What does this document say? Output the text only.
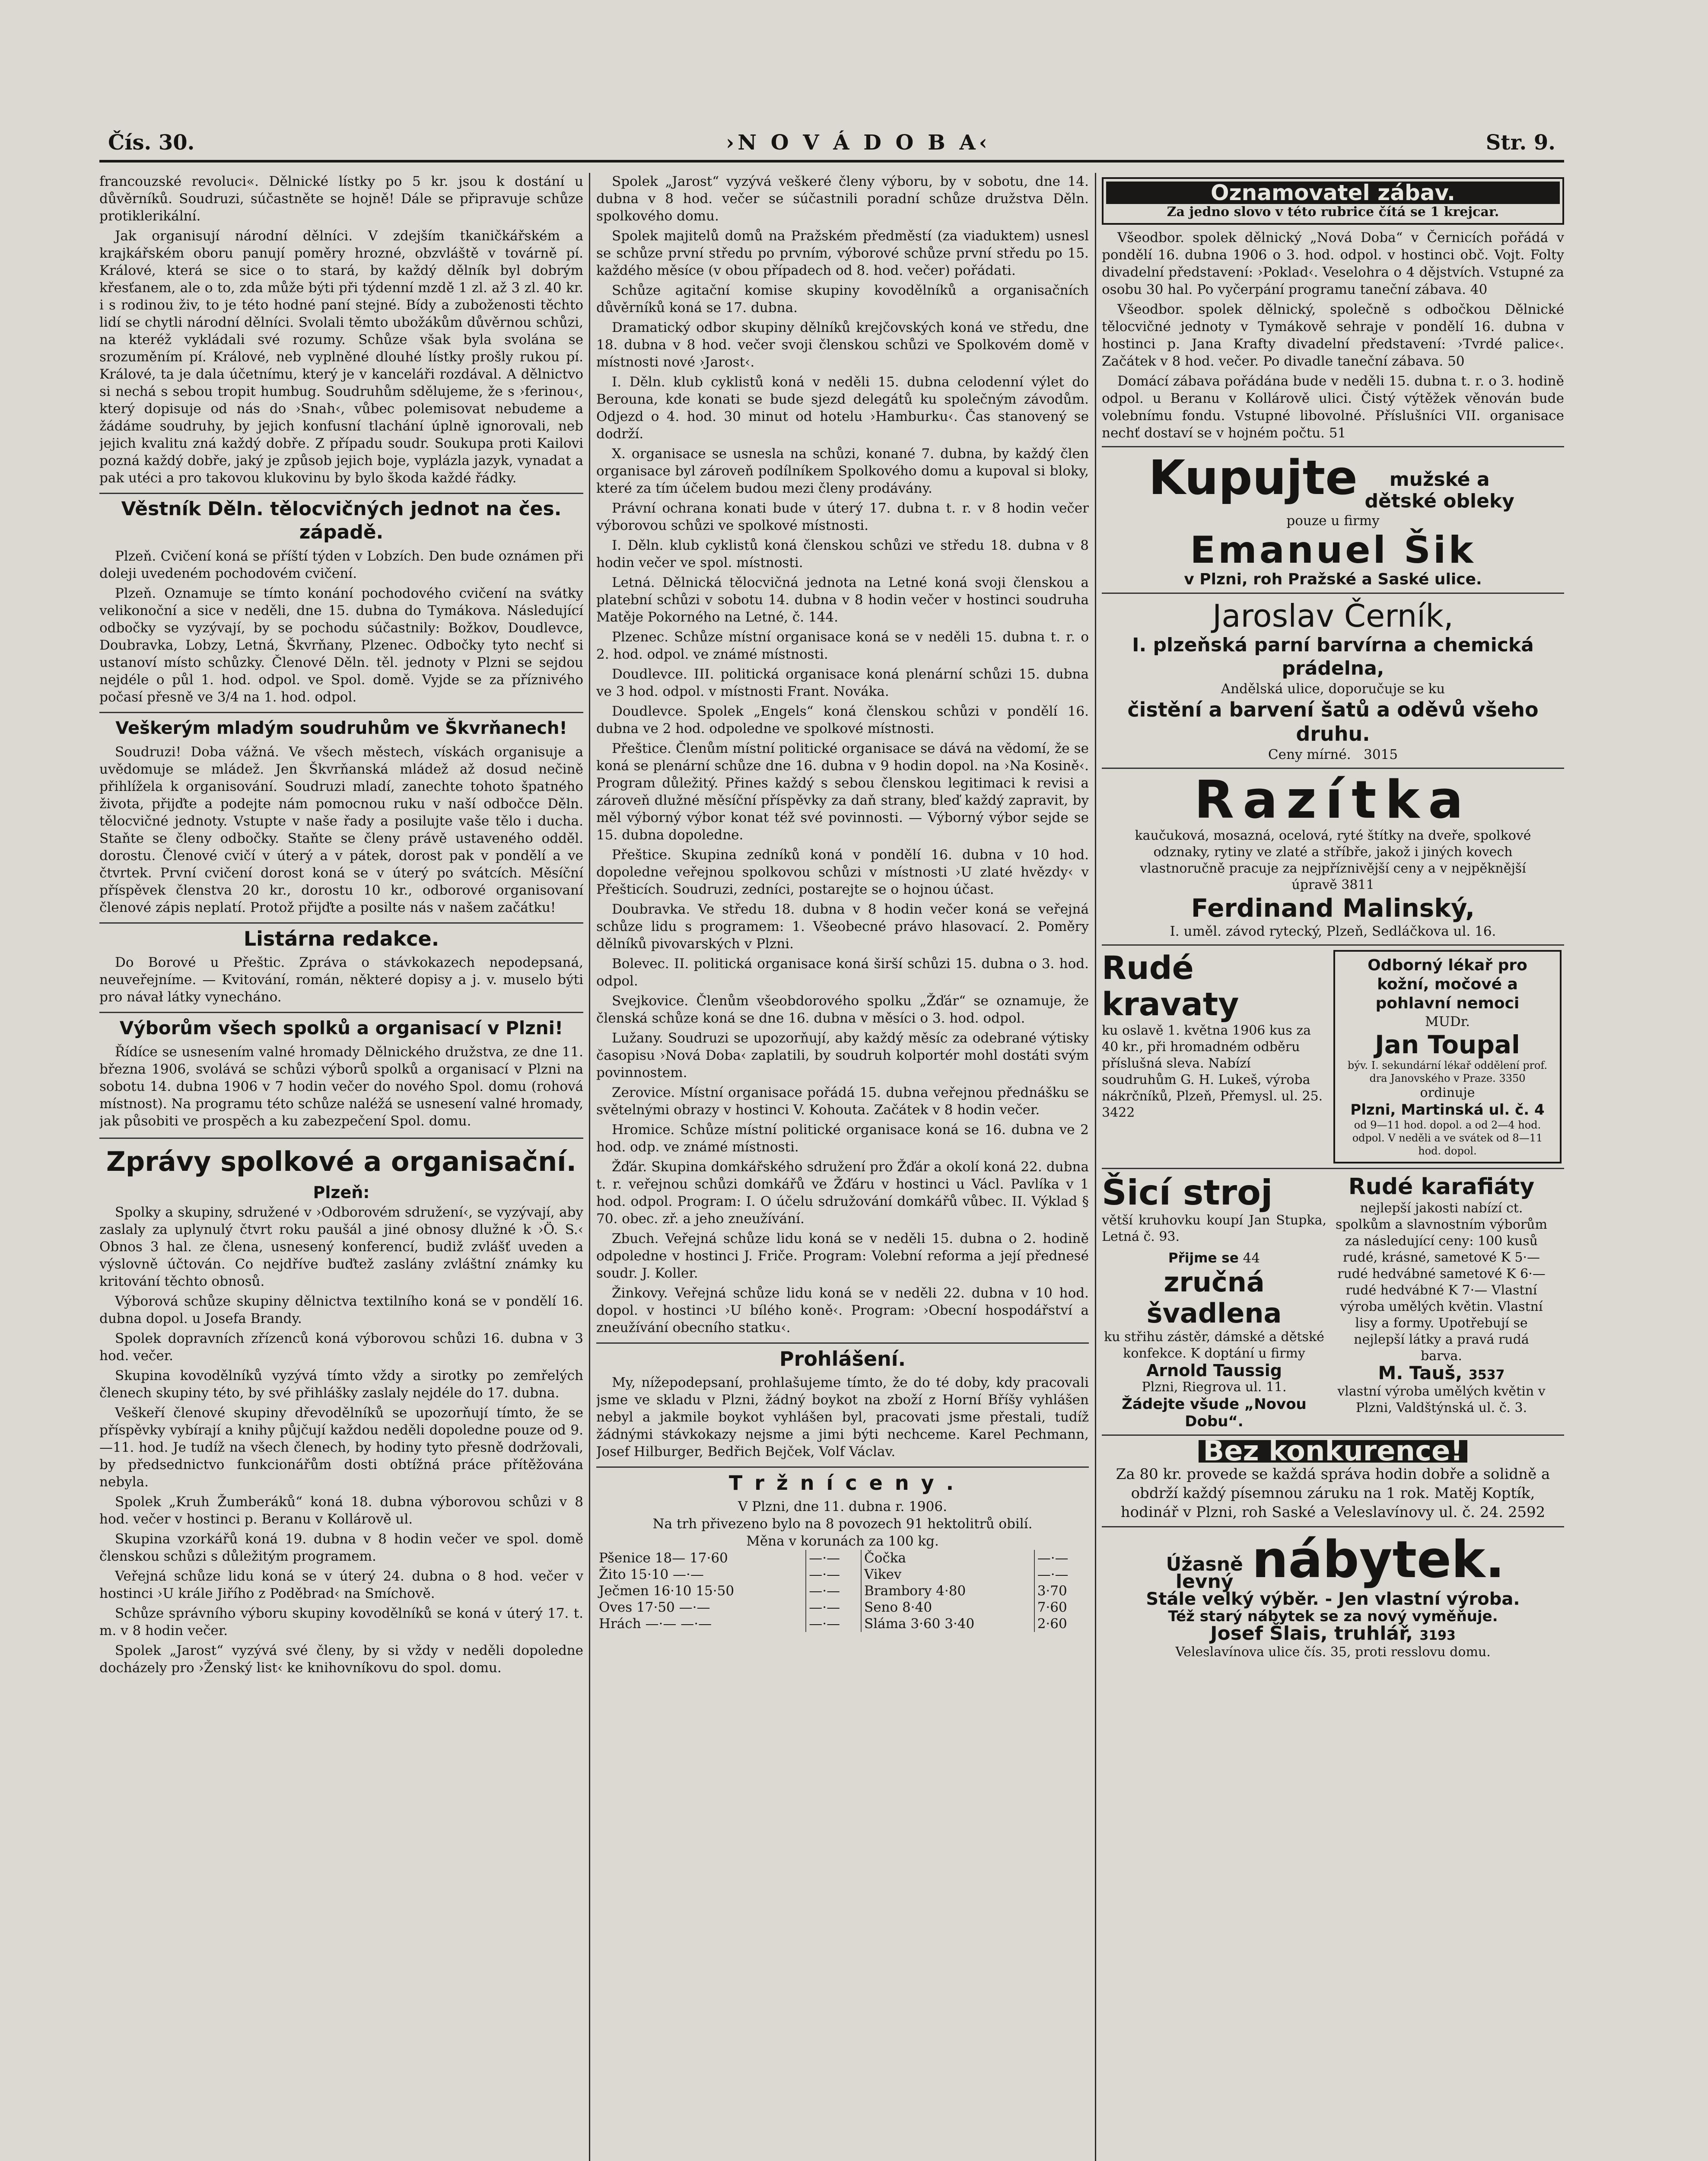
Čís. 30.	›N O V Á D O B A‹	Str. 9.

francouzské revoluci«. Dělnické lístky po 5 kr. jsou k dostání u důvěrníků. Soudruzi, súčastněte se hojně! Dále se připravuje schůze protiklerikální.

Jak organisují národní dělníci. V zdejším tkaničkářském a krajkářském oboru panují poměry hrozné, obzvláště v továrně pí. Králové, která se sice o to stará, by každý dělník byl dobrým křesťanem, ale o to, zda může býti při týdenní mzdě 1 zl. až 3 zl. 40 kr. i s rodinou živ, to je této hodné paní stejné. Bídy a zuboženosti těchto lidí se chytli národní dělníci. Svolali těmto ubožákům důvěrnou schůzi, na kteréž vykládali své rozumy. Schůze však byla svolána se srozuměním pí. Králové, neb vyplněné dlouhé lístky prošly rukou pí. Králové, ta je dala účetnímu, který je v kanceláři rozdával. A dělnictvo si nechá s sebou tropit humbug. Soudruhům sdělujeme, že s ›ferinou‹, který dopisuje od nás do ›Snah‹, vůbec polemisovat nebudeme a žádáme soudruhy, by jejich konfusní tlachání úplně ignorovali, neb jejich kvalitu zná každý dobře. Z případu soudr. Soukupa proti Kailovi pozná každý dobře, jaký je způsob jejich boje, vyplázla jazyk, vynadat a pak utéci a pro takovou klukovinu by bylo škoda každé řádky.

Věstník Děln. tělocvičných jednot na čes. západě.

Plzeň. Cvičení koná se příští týden v Lobzích. Den bude oznámen při doleji uvedeném pochodovém cvičení.

Plzeň. Oznamuje se tímto konání pochodového cvičení na svátky velikonoční a sice v neděli, dne 15. dubna do Tymákova. Následující odbočky se vyzývají, by se pochodu súčastnily: Božkov, Doudlevce, Doubravka, Lobzy, Letná, Škvrňany, Plzenec. Odbočky tyto nechť si ustanoví místo schůzky. Členové Děln. těl. jednoty v Plzni se sejdou nejdéle o půl 1. hod. odpol. ve Spol. domě. Vyjde se za příznivého počasí přesně ve 3/4 na 1. hod. odpol.

Veškerým mladým soudruhům ve Škvrňanech!

Soudruzi! Doba vážná. Ve všech městech, vískách organisuje a uvědomuje se mládež. Jen Škvrňanská mládež až dosud nečině přihlížela k organisování. Soudruzi mladí, zanechte tohoto špatného života, přijďte a podejte nám pomocnou ruku v naší odbočce Děln. tělocvičné jednoty. Vstupte v naše řady a posilujte vaše tělo i ducha. Staňte se členy odbočky. Staňte se členy právě ustaveného odděl. dorostu. Členové cvičí v úterý a v pátek, dorost pak v pondělí a ve čtvrtek. První cvičení dorost koná se v úterý po svátcích. Měsíční příspěvek členstva 20 kr., dorostu 10 kr., odborové organisovaní členové zápis neplatí. Protož přijďte a posilte nás v našem začátku!

Listárna redakce.

Do Borové u Přeštic. Zpráva o stávkokazech nepodepsaná, neuveřejníme. — Kvitování, román, některé dopisy a j. v. muselo býti pro návał látky vynecháno.

Výborům všech spolků a organisací v Plzni!

Řídíce se usnesením valné hromady Dělnického družstva, ze dne 11. března 1906, svolává se schůzi výborů spolků a organisací v Plzni na sobotu 14. dubna 1906 v 7 hodin večer do nového Spol. domu (rohová místnost). Na programu této schůze naléžá se usnesení valné hromady, jak působiti ve prospěch a ku zabezpečení Spol. domu.

Zprávy spolkové a organisační.
Plzeň:

Spolky a skupiny, sdružené v ›Odborovém sdružení‹, se vyzývají, aby zaslaly za uplynulý čtvrt roku paušál a jiné obnosy dlužné k ›Ö. S.‹ Obnos 3 hal. ze člena, usnesený konferencí, budiž zvlášť uveden a výslovně účtován. Co nejdříve buďtež zaslány zvláštní známky ku kritování těchto obnosů.

Výborová schůze skupiny dělnictva textilního koná se v pondělí 16. dubna dopol. u Josefa Brandy.

Spolek dopravních zřízenců koná výborovou schůzi 16. dubna v 3 hod. večer.

Skupina kovodělníků vyzývá tímto vždy a sirotky po zemřelých členech skupiny této, by své přihlášky zaslaly nejdéle do 17. dubna.

Veškeří členové skupiny dřevodělníků se upozorňují tímto, že se příspěvky vybírají a knihy půjčují každou neděli dopoledne pouze od 9.—11. hod. Je tudíž na všech členech, by hodiny tyto přesně dodržovali, by předsednictvo funkcionářům dosti obtížná práce přítěžována nebyla.

Spolek „Kruh Žumberáků“ koná 18. dubna výborovou schůzi v 8 hod. večer v hostinci p. Beranu v Kollárově ul.

Skupina vzorkářů koná 19. dubna v 8 hodin večer ve spol. domě členskou schůzi s důležitým programem.

Veřejná schůze lidu koná se v úterý 24. dubna o 8 hod. večer v hostinci ›U krále Jiřího z Poděbrad‹ na Smíchově.

Schůze správního výboru skupiny kovodělníků se koná v úterý 17. t. m. v 8 hodin večer.

Spolek „Jarost“ vyzývá své členy, by si vždy v neděli dopoledne docházely pro ›Ženský list‹ ke knihovníkovu do spol. domu.

Spolek „Jarost“ vyzývá veškeré členy výboru, by v sobotu, dne 14. dubna v 8 hod. večer se súčastnili poradní schůze družstva Děln. spolkového domu.

Spolek majitelů domů na Pražském předměstí (za viaduktem) usnesl se schůze první středu po prvním, výborové schůze první středu po 15. každého měsíce (v obou případech od 8. hod. večer) pořádati.

Schůze agitační komise skupiny kovodělníků a organisačních důvěrníků koná se 17. dubna.

Dramatický odbor skupiny dělníků krejčovských koná ve středu, dne 18. dubna v 8 hod. večer svoji členskou schůzi ve Spolkovém domě v místnosti nové ›Jarost‹.

I. Děln. klub cyklistů koná v neděli 15. dubna celodenní výlet do Berouna, kde konati se bude sjezd delegátů ku společným závodům. Odjezd o 4. hod. 30 minut od hotelu ›Hamburku‹. Čas stanovený se dodrží.

X. organisace se usnesla na schůzi, konané 7. dubna, by každý člen organisace byl zároveň podílníkem Spolkového domu a kupoval si bloky, které za tím účelem budou mezi členy prodávány.

Právní ochrana konati bude v úterý 17. dubna t. r. v 8 hodin večer výborovou schůzi ve spolkové místnosti.

I. Děln. klub cyklistů koná členskou schůzi ve středu 18. dubna v 8 hodin večer ve spol. místnosti.

Letná. Dělnická tělocvičná jednota na Letné koná svoji členskou a platební schůzi v sobotu 14. dubna v 8 hodin večer v hostinci soudruha Matěje Pokorného na Letné, č. 144.

Plzenec. Schůze místní organisace koná se v neděli 15. dubna t. r. o 2. hod. odpol. ve známé místnosti.

Doudlevce. III. politická organisace koná plenární schůzi 15. dubna ve 3 hod. odpol. v místnosti Frant. Nováka.

Doudlevce. Spolek „Engels“ koná členskou schůzi v pondělí 16. dubna ve 2 hod. odpoledne ve spolkové místnosti.

Přeštice. Členům místní politické organisace se dává na vědomí, že se koná se plenární schůze dne 16. dubna v 9 hodin dopol. na ›Na Kosině‹. Program důležitý. Přines každý s sebou členskou legitimaci k revisi a zároveň dlužné měsíční příspěvky za daň strany, bleď každý zapravit, by měl výborný výbor konat též své povinnosti. — Výborný výbor sejde se 15. dubna dopoledne.

Přeštice. Skupina zedníků koná v pondělí 16. dubna v 10 hod. dopoledne veřejnou spolkovou schůzi v místnosti ›U zlaté hvězdy‹ v Přešticích. Soudruzi, zedníci, postarejte se o hojnou účast.

Doubravka. Ve středu 18. dubna v 8 hodin večer koná se veřejná schůze lidu s programem: 1. Všeobecné právo hlasovací. 2. Poměry dělníků pivovarských v Plzni.

Bolevec. II. politická organisace koná širší schůzi 15. dubna o 3. hod. odpol.

Svejkovice. Členům všeobdorového spolku „Žďár“ se oznamuje, že členská schůze koná se dne 16. dubna v měsíci o 3. hod. odpol.

Lužany. Soudruzi se upozorňují, aby každý měsíc za odebrané výtisky časopisu ›Nová Doba‹ zaplatili, by soudruh kolportér mohl dostáti svým povinnostem.

Zerovice. Místní organisace pořádá 15. dubna veřejnou přednášku se světelnými obrazy v hostinci V. Kohouta. Začátek v 8 hodin večer.

Hromice. Schůze místní politické organisace koná se 16. dubna ve 2 hod. odp. ve známé místnosti.

Žďár. Skupina domkářského sdružení pro Žďár a okolí koná 22. dubna t. r. veřejnou schůzi domkářů ve Žďáru v hostinci u Václ. Pavlíka v 1 hod. odpol. Program: I. O účelu sdružování domkářů vůbec. II. Výklad § 70. obec. zř. a jeho zneužívání.

Zbuch. Veřejná schůze lidu koná se v neděli 15. dubna o 2. hodině odpoledne v hostinci J. Friče. Program: Volební reforma a její přednesé soudr. J. Koller.

Žinkovy. Veřejná schůze lidu koná se v neděli 22. dubna v 10 hod. dopol. v hostinci ›U bílého koně‹. Program: ›Obecní hospodářství a zneužívání obecního statku‹.

Prohlášení.

My, nížepodepsaní, prohlašujeme tímto, že do té doby, kdy pracovali jsme ve skladu v Plzni, žádný boykot na zboží z Horní Bříšy vyhlášen nebyl a jakmile boykot vyhlášen byl, pracovati jsme přestali, tudíž žádnými stávkokazy nejsme a jimi býti nechceme. Karel Pechmann, Josef Hilburger, Bedřich Bejček, Volf Václav.

T r ž n í c e n y .
V Plzni, dne 11. dubna r. 1906.
Na trh přivezeno bylo na 8 povozech 91 hektolitrů obilí.
Měna v korunách za 100 kg.
Pšenice 18— 17·60	—·—	Čočka	—·—
Žito 15·10 —·—	—·—	Vikev	—·—
Ječmen 16·10 15·50	—·—	Brambory 4·80	3·70
Oves 17·50 —·—	—·—	Seno 8·40	7·60
Hrách —·— —·—	—·—	Sláma 3·60 3·40	2·60
Oznamovatel zábav.
Za jedno slovo v této rubrice čítá se 1 krejcar.

Všeodbor. spolek dělnický „Nová Doba“ v Černicích pořádá v pondělí 16. dubna 1906 o 3. hod. odpol. v hostinci obč. Vojt. Folty divadelní představení: ›Poklad‹. Veselohra o 4 dějstvích. Vstupné za osobu 30 hal. Po vyčerpání programu taneční zábava. 40

Všeodbor. spolek dělnický, společně s odbočkou Dělnické tělocvičné jednoty v Tymákově sehraje v pondělí 16. dubna v hostinci p. Jana Krafty divadelní představení: ›Tvrdé palice‹. Začátek v 8 hod. večer. Po divadle taneční zábava. 50

Domácí zábava pořádána bude v neděli 15. dubna t. r. o 3. hodině odpol. u Beranu v Kollárově ulici. Čistý výtěžek věnován bude volebnímu fondu. Vstupné libovolné. Příslušníci VII. organisace nechť dostaví se v hojném počtu. 51

Kupujte mužské a dětské obleky
pouze u firmy
Emanuel Šik
v Plzni, roh Pražské a Saské ulice.
Jaroslav Černík,
I. plzeňská parní barvírna a chemická prádelna,
Andělská ulice, doporučuje se ku
čistění a barvení šatů a oděvů všeho druhu.
Ceny mírné. 3015
Razítka
kaučuková, mosazná, ocelová, ryté štítky na dveře, spolkové odznaky, rytiny ve zlaté a stříbře, jakož i jiných kovech vlastnoručně pracuje za nejpříznivější ceny a v nejpěknější úpravě 3811
Ferdinand Malinský,
I. uměl. závod rytecký, Plzeň, Sedláčkova ul. 16.
Rudé kravaty
ku oslavě 1. května 1906 kus za 40 kr., při hromadném odběru příslušná sleva. Nabízí soudruhům G. H. Lukeš, výroba nákrčníků, Plzeň, Přemysl. ul. 25.
3422
Odborný lékař pro kožní, močové a pohlavní nemoci
MUDr.
Jan Toupal
býv. I. sekundární lékař oddělení prof. dra Janovského v Praze. 3350
ordinuje
Plzni, Martinská ul. č. 4
od 9—11 hod. dopol. a od 2—4 hod. odpol. V neděli a ve svátek od 8—11 hod. dopol.
Šicí stroj
větší kruhovku koupí Jan Stupka, Letná č. 93.
Přijme se 44
zručná švadlena
ku střihu zástěr, dámské a dětské konfekce. K doptání u firmy
Arnold Taussig
Plzni, Riegrova ul. 11.
Žádejte všude „Novou Dobu“.
Rudé karafiáty
nejlepší jakosti nabízí ct. spolkům a slavnostním výborům za následující ceny: 100 kusů rudé, krásné, sametové K 5·— rudé hedvábné sametové K 6·— rudé hedvábné K 7·— Vlastní výroba umělých květin. Vlastní lisy a formy. Upotřebují se nejlepší látky a pravá rudá barva.
M. Tauš, 3537
vlastní výroba umělých květin v Plzni, Valdštýnská ul. č. 3.
Bez konkurence!
Za 80 kr. provede se každá správa hodin dobře a solidně a obdrží každý písemnou záruku na 1 rok. Matěj Koptík, hodinář v Plzni, roh Saské a Veleslavínovy ul. č. 24. 2592
Úžasně levný nábytek.
Stále velký výběr. - Jen vlastní výroba.
Též starý nábytek se za nový vyměňuje.
Josef Šlais, truhlář, 3193
Veleslavínova ulice čís. 35, proti resslovu domu.
